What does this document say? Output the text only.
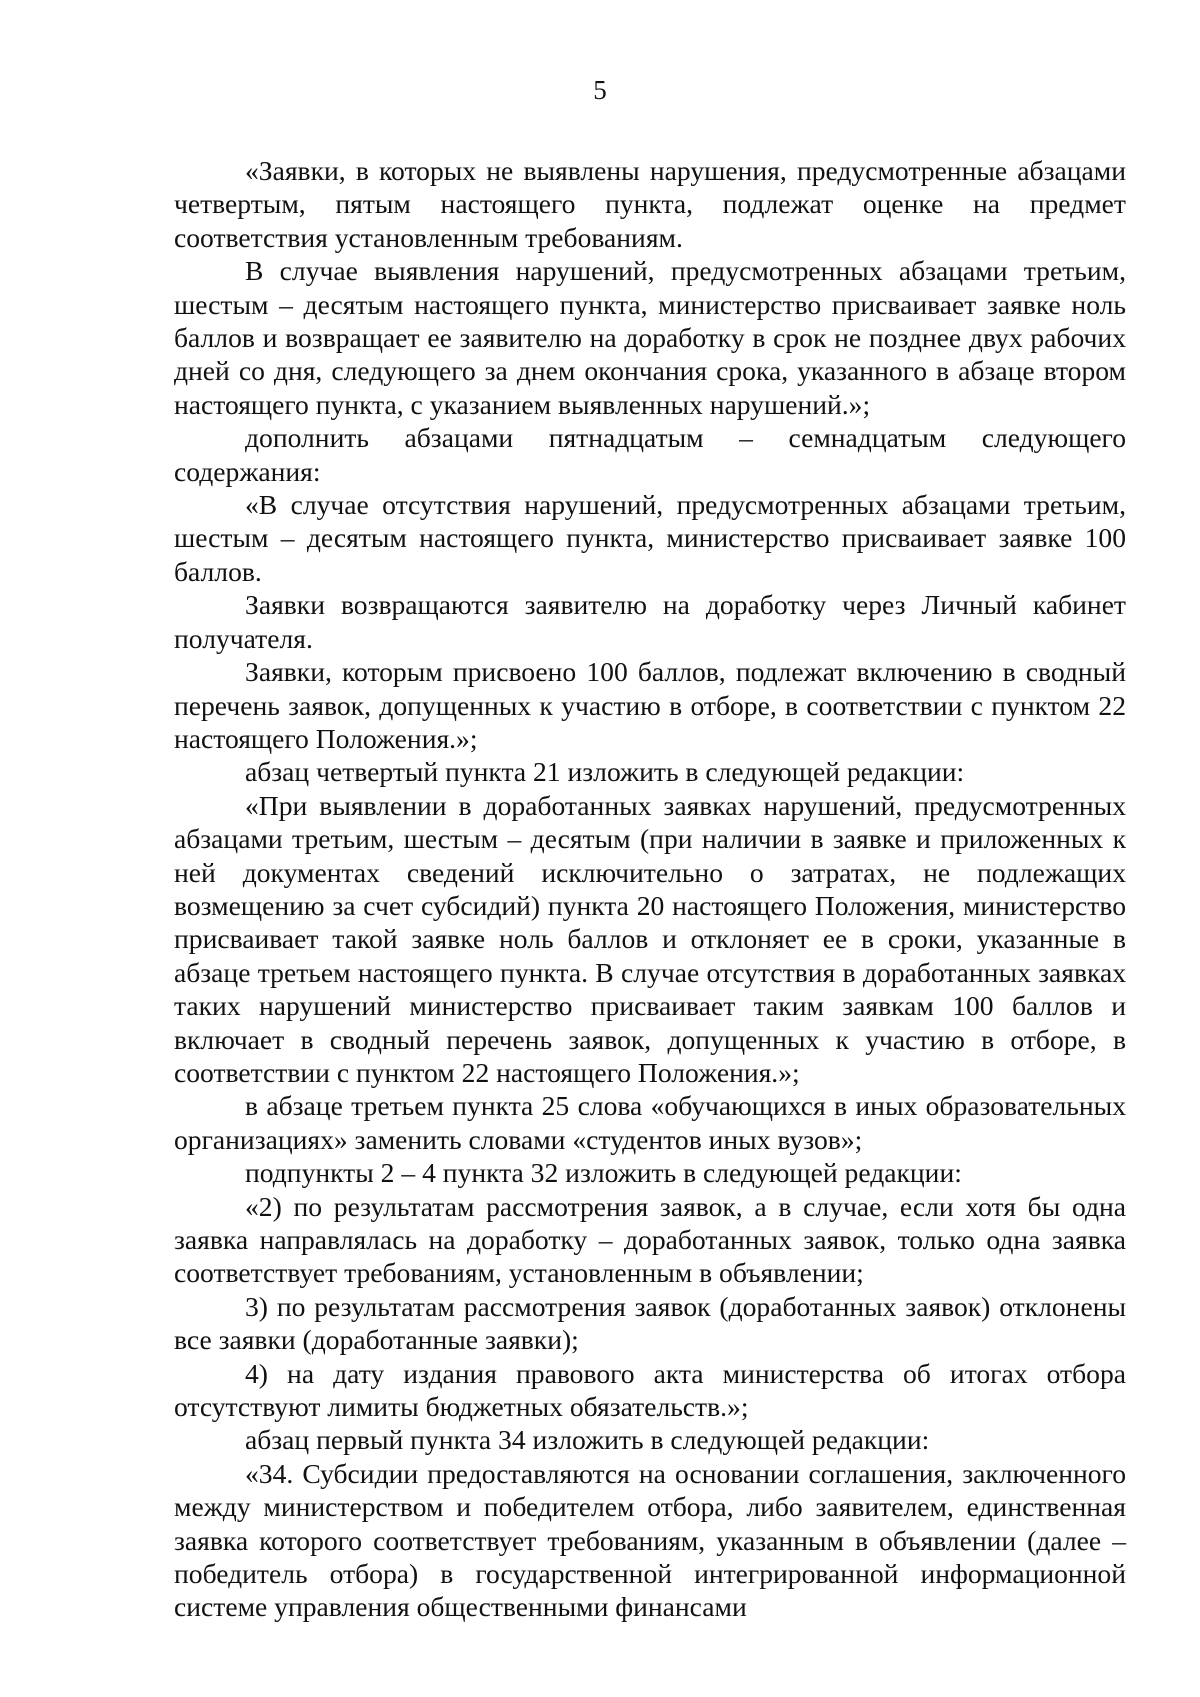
5

«Заявки, в которых не выявлены нарушения, предусмотренные абзацами четвертым, пятым настоящего пункта, подлежат оценке на предмет соответствия установленным требованиям.

В случае выявления нарушений, предусмотренных абзацами третьим, шестым – десятым настоящего пункта, министерство присваивает заявке ноль баллов и возвращает ее заявителю на доработку в срок не позднее двух рабочих дней со дня, следующего за днем окончания срока, указанного в абзаце втором настоящего пункта, с указанием выявленных нарушений.»;

дополнить абзацами пятнадцатым – семнадцатым следующего содержания:

«В случае отсутствия нарушений, предусмотренных абзацами третьим, шестым – десятым настоящего пункта, министерство присваивает заявке 100 баллов.

Заявки возвращаются заявителю на доработку через Личный кабинет получателя.

Заявки, которым присвоено 100 баллов, подлежат включению в сводный перечень заявок, допущенных к участию в отборе, в соответствии с пунктом 22 настоящего Положения.»;

абзац четвертый пункта 21 изложить в следующей редакции:

«При выявлении в доработанных заявках нарушений, предусмотренных абзацами третьим, шестым – десятым (при наличии в заявке и приложенных к ней документах сведений исключительно о затратах, не подлежащих возмещению за счет субсидий) пункта 20 настоящего Положения, министерство присваивает такой заявке ноль баллов и отклоняет ее в сроки, указанные в абзаце третьем настоящего пункта. В случае отсутствия в доработанных заявках таких нарушений министерство присваивает таким заявкам 100 баллов и включает в сводный перечень заявок, допущенных к участию в отборе, в соответствии с пунктом 22 настоящего Положения.»;

в абзаце третьем пункта 25 слова «обучающихся в иных образовательных организациях» заменить словами «студентов иных вузов»;

подпункты 2 – 4 пункта 32 изложить в следующей редакции:

«2) по результатам рассмотрения заявок, а в случае, если хотя бы одна заявка направлялась на доработку – доработанных заявок, только одна заявка соответствует требованиям, установленным в объявлении;

3) по результатам рассмотрения заявок (доработанных заявок) отклонены все заявки (доработанные заявки);

4) на дату издания правового акта министерства об итогах отбора отсутствуют лимиты бюджетных обязательств.»;

абзац первый пункта 34 изложить в следующей редакции:

«34. Субсидии предоставляются на основании соглашения, заключенного между министерством и победителем отбора, либо заявителем, единственная заявка которого соответствует требованиям, указанным в объявлении (далее – победитель отбора) в государственной интегрированной информационной системе управления общественными финансами
